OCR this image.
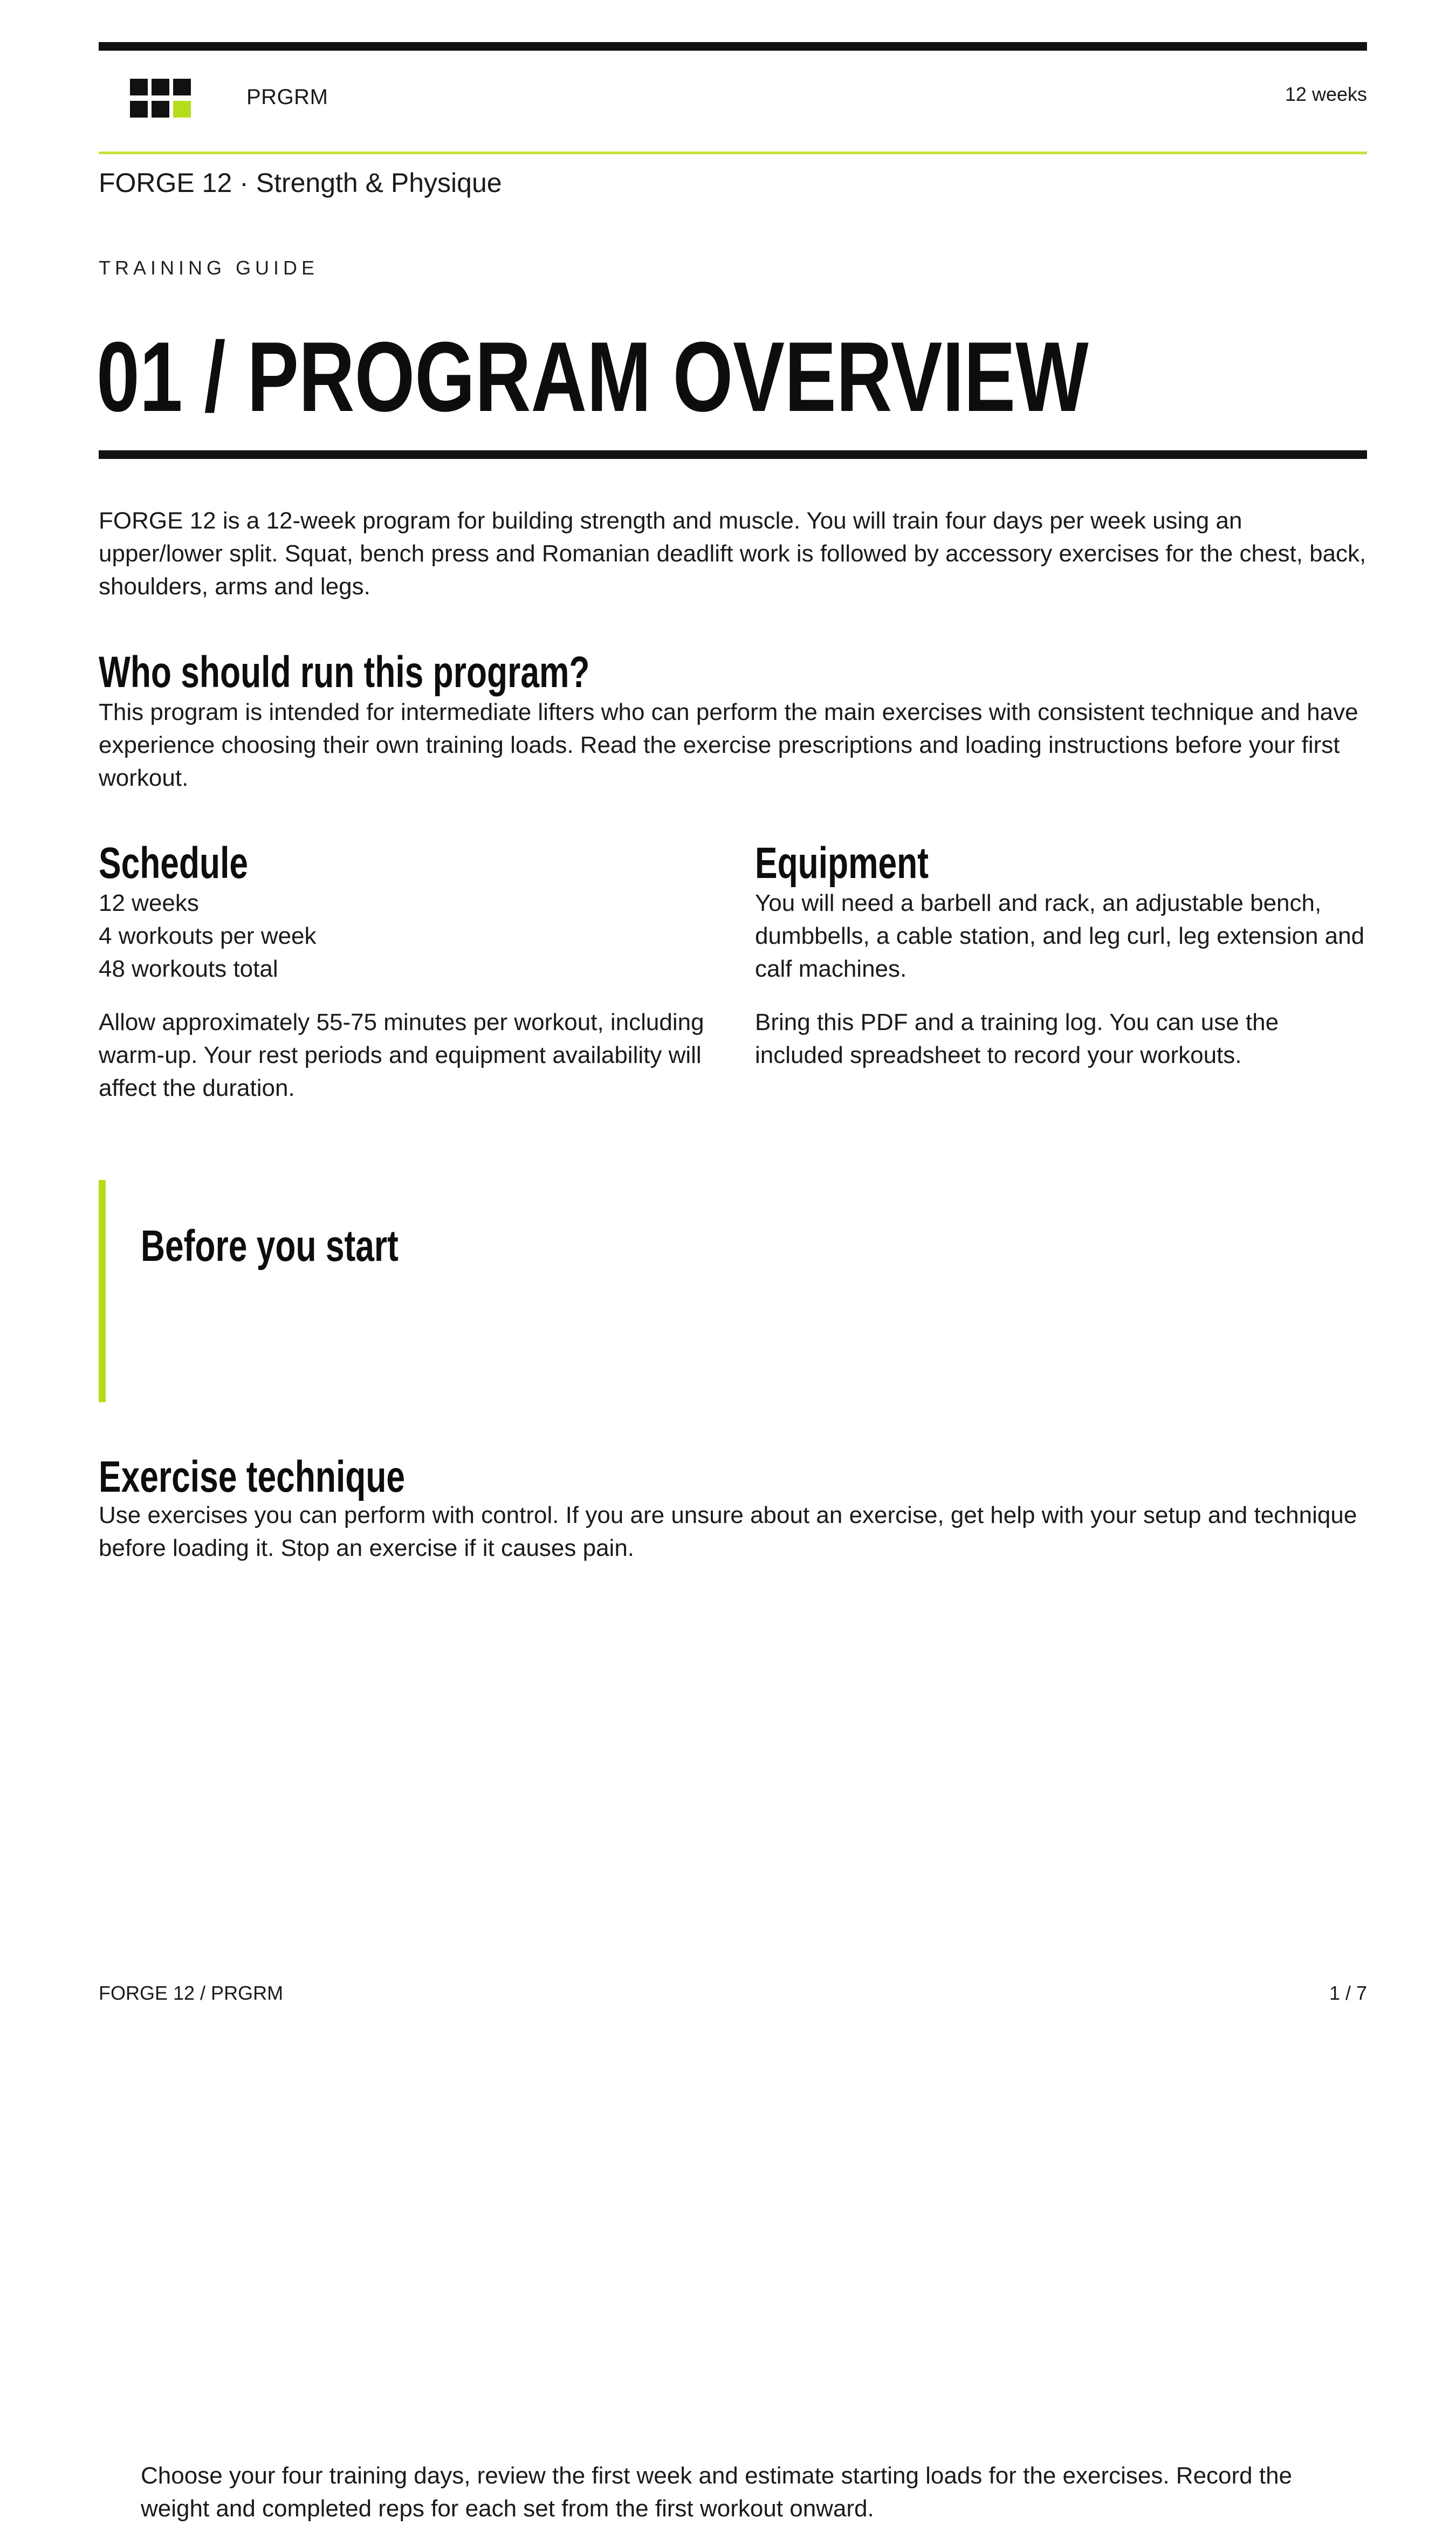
PRGRM	12 weeks
FORGE 12 · Strength & Physique
TRAINING GUIDE
01 / PROGRAM OVERVIEW

FORGE 12 is a 12-week program for building strength and muscle. You will train four days per week using an upper/lower split. Squat, bench press and Romanian deadlift work is followed by accessory exercises for the chest, back, shoulders, arms and legs.

Who should run this program?

This program is intended for intermediate lifters who can perform the main exercises with consistent technique and have experience choosing their own training loads. Read the exercise prescriptions and loading instructions before your first workout.

Schedule

12 weeks
4 workouts per week
48 workouts total

Allow approximately 55-75 minutes per workout, including warm-up. Your rest periods and equipment availability will affect the duration.

Equipment

You will need a barbell and rack, an adjustable bench, dumbbells, a cable station, and leg curl, leg extension and calf machines.

Bring this PDF and a training log. You can use the included spreadsheet to record your workouts.

Before you start

Choose your four training days, review the first week and estimate starting loads for the exercises. Record the weight and completed reps for each set from the first workout onward.

Exercise technique

Use exercises you can perform with control. If you are unsure about an exercise, get help with your setup and technique before loading it. Stop an exercise if it causes pain.

FORGE 12 / PRGRM	1 / 7
